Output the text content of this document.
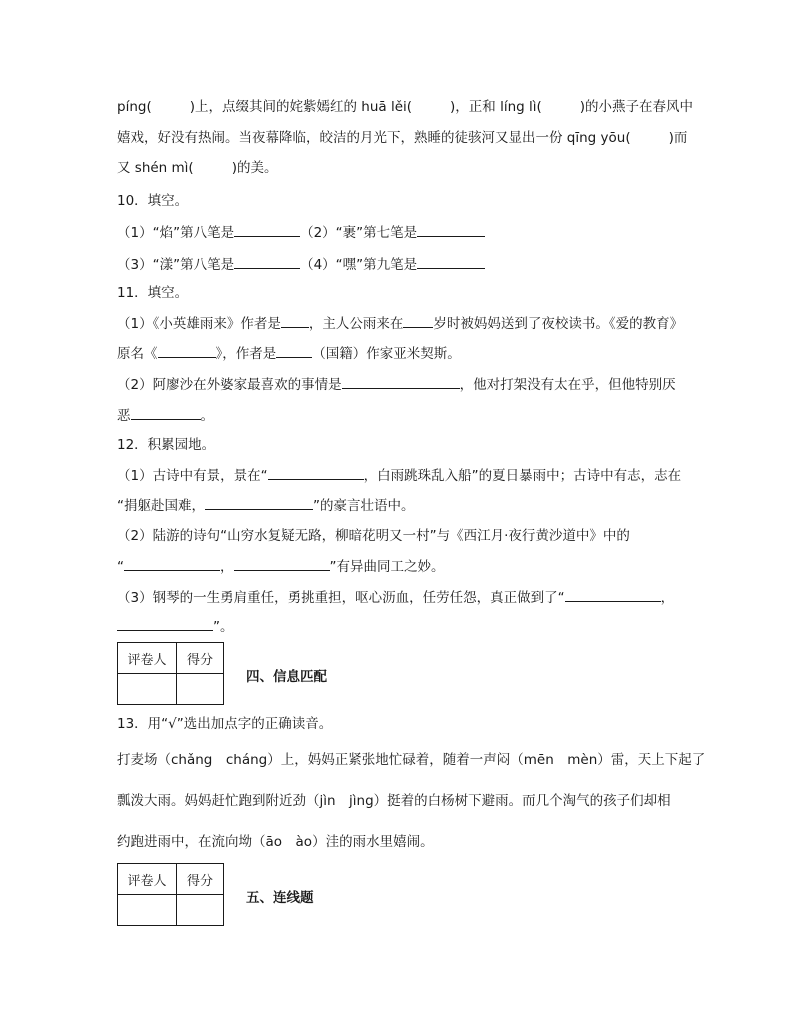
píng(	)上，点缀其间的姹紫嫣红的 huā lěi(	)，正和 líng lì(	)的小燕子在春风中
嬉戏，好没有热闹。当夜幕降临，皎洁的月光下，熟睡的徒骇河又显出一份 qīng yōu(	)而
又 shén mì(	)的美。
10．填空。
（1）“焰”第八笔是	（2）“裹”第七笔是
（3）“漾”第八笔是	（4）“嘿”第九笔是
11．填空。
（1）《小英雄雨来》作者是 ，主人公雨来在 岁时被妈妈送到了夜校读书。《爱的教育》
原名《	》，作者是	（国籍）作家亚米契斯。
（2）阿廖沙在外婆家最喜欢的事情是	，他对打架没有太在乎，但他特别厌
恶	。
12．积累园地。
（1）古诗中有景，景在“	，白雨跳珠乱入船”的夏日暴雨中；古诗中有志，志在
“捐躯赴国难，	”的豪言壮语中。
（2）陆游的诗句“山穷水复疑无路，柳暗花明又一村”与《西江月·夜行黄沙道中》中的
“	，	”有异曲同工之妙。
（3）钢琴的一生勇肩重任，勇挑重担，呕心沥血，任劳任怨，真正做到了“	，
”。
评卷人	得分

四、信息匹配
13．用“√”选出加点字的正确读音。
打麦场（chǎng　cháng）上，妈妈正紧张地忙碌着，随着一声闷（mēn　mèn）雷，天上下起了
瓢泼大雨。妈妈赶忙跑到附近劲（jìn　jìng）挺着的白杨树下避雨。而几个淘气的孩子们却相
约跑进雨中，在流向坳（āo　ào）洼的雨水里嬉闹。
评卷人	得分

五、连线题
